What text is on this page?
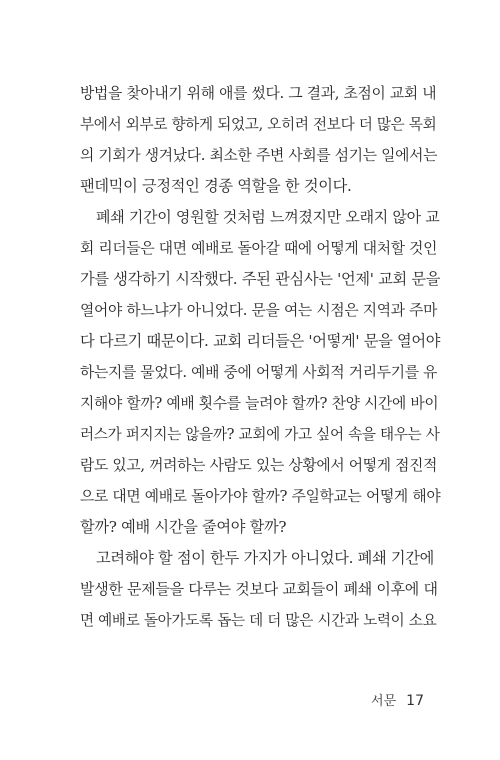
방법을 찾아내기 위해 애를 썼다. 그 결과, 초점이 교회 내
부에서 외부로 향하게 되었고, 오히려 전보다 더 많은 목회
의 기회가 생겨났다. 최소한 주변 사회를 섬기는 일에서는
팬데믹이 긍정적인 경종 역할을 한 것이다.
폐쇄 기간이 영원할 것처럼 느껴졌지만 오래지 않아 교
회 리더들은 대면 예배로 돌아갈 때에 어떻게 대처할 것인
가를 생각하기 시작했다. 주된 관심사는 '언제' 교회 문을
열어야 하느냐가 아니었다. 문을 여는 시점은 지역과 주마
다 다르기 때문이다. 교회 리더들은 '어떻게' 문을 열어야
하는지를 물었다. 예배 중에 어떻게 사회적 거리두기를 유
지해야 할까? 예배 횟수를 늘려야 할까? 찬양 시간에 바이
러스가 퍼지지는 않을까? 교회에 가고 싶어 속을 태우는 사
람도 있고, 꺼려하는 사람도 있는 상황에서 어떻게 점진적
으로 대면 예배로 돌아가야 할까? 주일학교는 어떻게 해야
할까? 예배 시간을 줄여야 할까?
고려해야 할 점이 한두 가지가 아니었다. 폐쇄 기간에
발생한 문제들을 다루는 것보다 교회들이 폐쇄 이후에 대
면 예배로 돌아가도록 돕는 데 더 많은 시간과 노력이 소요
서문 17
